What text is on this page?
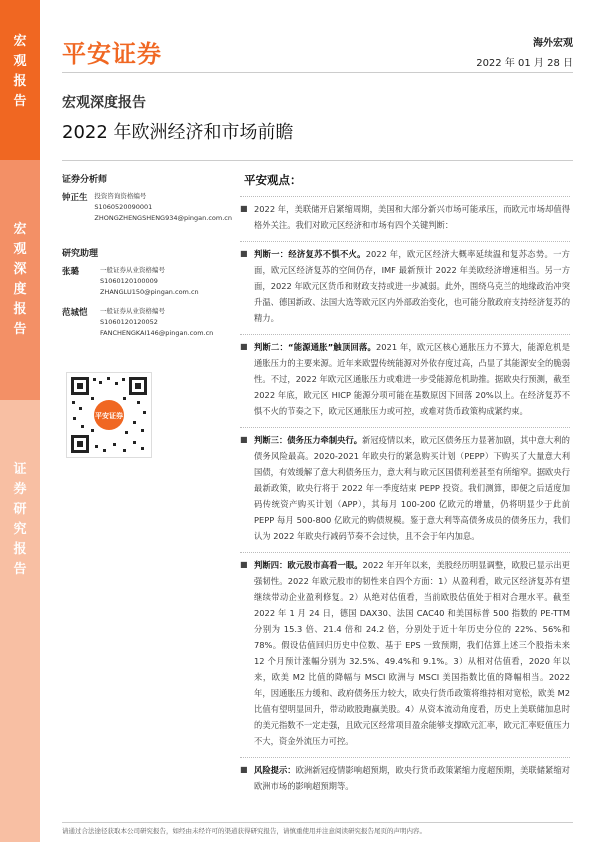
宏
观
报
告
宏
观
深
度
报
告
证
券
研
究
报
告
平安证券	海外宏观
2022 年 01 月 28 日
宏观深度报告
2022 年欧洲经济和市场前瞻
证券分析师
钟正生	投资咨询资格编号
S1060520090001
ZHONGZHENGSHENG934@pingan.com.cn
研究助理
张璐	一般证券从业资格编号
S1060120100009
ZHANGLU150@pingan.com.cn
范城恺	一般证券从业资格编号
S1060120120052
FANCHENGKAI146@pingan.com.cn
平安证券
平安观点：
■ 2022 年，美联储开启紧缩周期，美国和大部分新兴市场可能承压，而欧元市场却值得格外关注。我们对欧元区经济和市场有四个关键判断：
■ 判断一：经济复苏不惧不火。2022 年，欧元区经济大概率延续温和复苏态势。一方面，欧元区经济复苏的空间仍存，IMF 最新预计 2022 年美欧经济增速相当。另一方面，2022 年欧元区货币和财政支持或进一步减弱。此外，围绕乌克兰的地缘政治冲突升温、德国新政、法国大选等欧元区内外部政治变化，也可能分散政府支持经济复苏的精力。
■ 判断二：“能源通胀”触顶回落。2021 年，欧元区核心通胀压力不算大，能源危机是通胀压力的主要来源。近年来欧盟传统能源对外依存度过高，凸显了其能源安全的脆弱性。不过，2022 年欧元区通胀压力或难进一步受能源危机助推。据欧央行预测，截至 2022 年底，欧元区 HICP 能源分项可能在基数原因下回落 20%以上。在经济复苏不惧不火的节奏之下，欧元区通胀压力或可控，或难对货币政策构成紧约束。
■ 判断三：债务压力牵制央行。新冠疫情以来，欧元区债务压力显著加剧，其中意大利的债务风险最高。2020-2021 年欧央行的紧急购买计划（PEPP）下购买了大量意大利国债，有效缓解了意大利债务压力，意大利与欧元区国债利差甚至有所缩窄。据欧央行最新政策，欧央行将于 2022 年一季度结束 PEPP 投资。我们测算，即便之后适度加码传统资产购买计划（APP），其每月 100-200 亿欧元的增量，仍将明显少于此前 PEPP 每月 500-800 亿欧元的购债规模。鉴于意大利等高债务成员的债务压力，我们认为 2022 年欧央行减码节奏不会过快，且不会于年内加息。
■ 判断四：欧元股市高看一眼。2022 年开年以来，美股经历明显调整，欧股已显示出更强韧性。2022 年欧元股市的韧性来自四个方面：1）从盈利看，欧元区经济复苏有望继续带动企业盈利修复。2）从绝对估值看，当前欧股估值处于相对合理水平。截至 2022 年 1 月 24 日，德国 DAX30、法国 CAC40 和美国标普 500 指数的 PE-TTM 分别为 15.3 倍、21.4 倍和 24.2 倍，分别处于近十年历史分位的 22%、56%和 78%。假设估值回归历史中位数、基于 EPS 一致预期，我们估算上述三个股指未来 12 个月预计涨幅分别为 32.5%、49.4%和 9.1%。3）从相对估值看，2020 年以来，欧美 M2 比值的降幅与 MSCI 欧洲与 MSCI 美国指数比值的降幅相当。2022 年，因通胀压力缓和、政府债务压力较大，欧央行货币政策将维持相对宽松，欧美 M2 比值有望明显回升，带动欧股跑赢美股。4）从资本流动角度看，历史上美联储加息时的美元指数不一定走强，且欧元区经常项目盈余能够支撑欧元汇率，欧元汇率贬值压力不大，资金外流压力可控。
■ 风险提示：欧洲新冠疫情影响超预期，欧央行货币政策紧缩力度超预期，美联储紧缩对欧洲市场的影响超预期等。
请通过合法途径获取本公司研究报告，如经由未经许可的渠道获得研究报告，请慎重使用并注意阅读研究报告尾页的声明内容。
